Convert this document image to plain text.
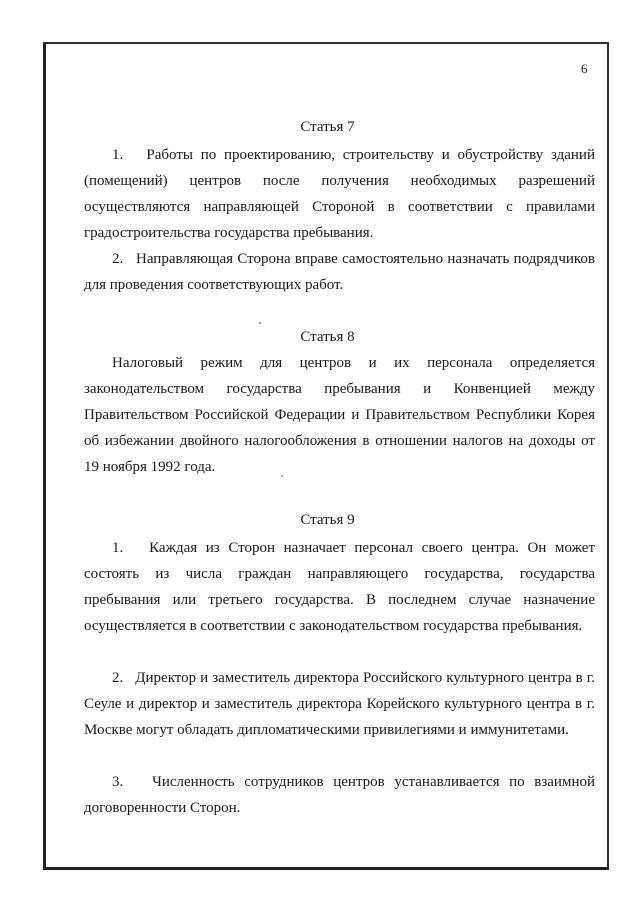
6
Статья 7

1.   Работы по проектированию, строительству и обустройству зданий (помещений) центров после получения необходимых разрешений осуществляются направляющей Стороной в соответствии с правилами градостроительства государства пребывания.

2.   Направляющая Сторона вправе самостоятельно назначать подрядчиков для проведения соответствующих работ.

Статья 8

Налоговый режим для центров и их персонала определяется законодательством государства пребывания и Конвенцией между Правительством Российской Федерации и Правительством Республики Корея об избежании двойного налогообложения в отношении налогов на доходы от 19 ноября 1992 года.

Статья 9

1.   Каждая из Сторон назначает персонал своего центра. Он может состоять из числа граждан направляющего государства, государства пребывания или третьего государства. В последнем случае назначение осуществляется в соответствии с законодательством государства пребывания.

2.   Директор и заместитель директора Российского культурного центра в г. Сеуле и директор и заместитель директора Корейского культурного центра в г. Москве могут обладать дипломатическими привилегиями и иммунитетами.

3.   Численность сотрудников центров устанавливается по взаимной договоренности Сторон.
